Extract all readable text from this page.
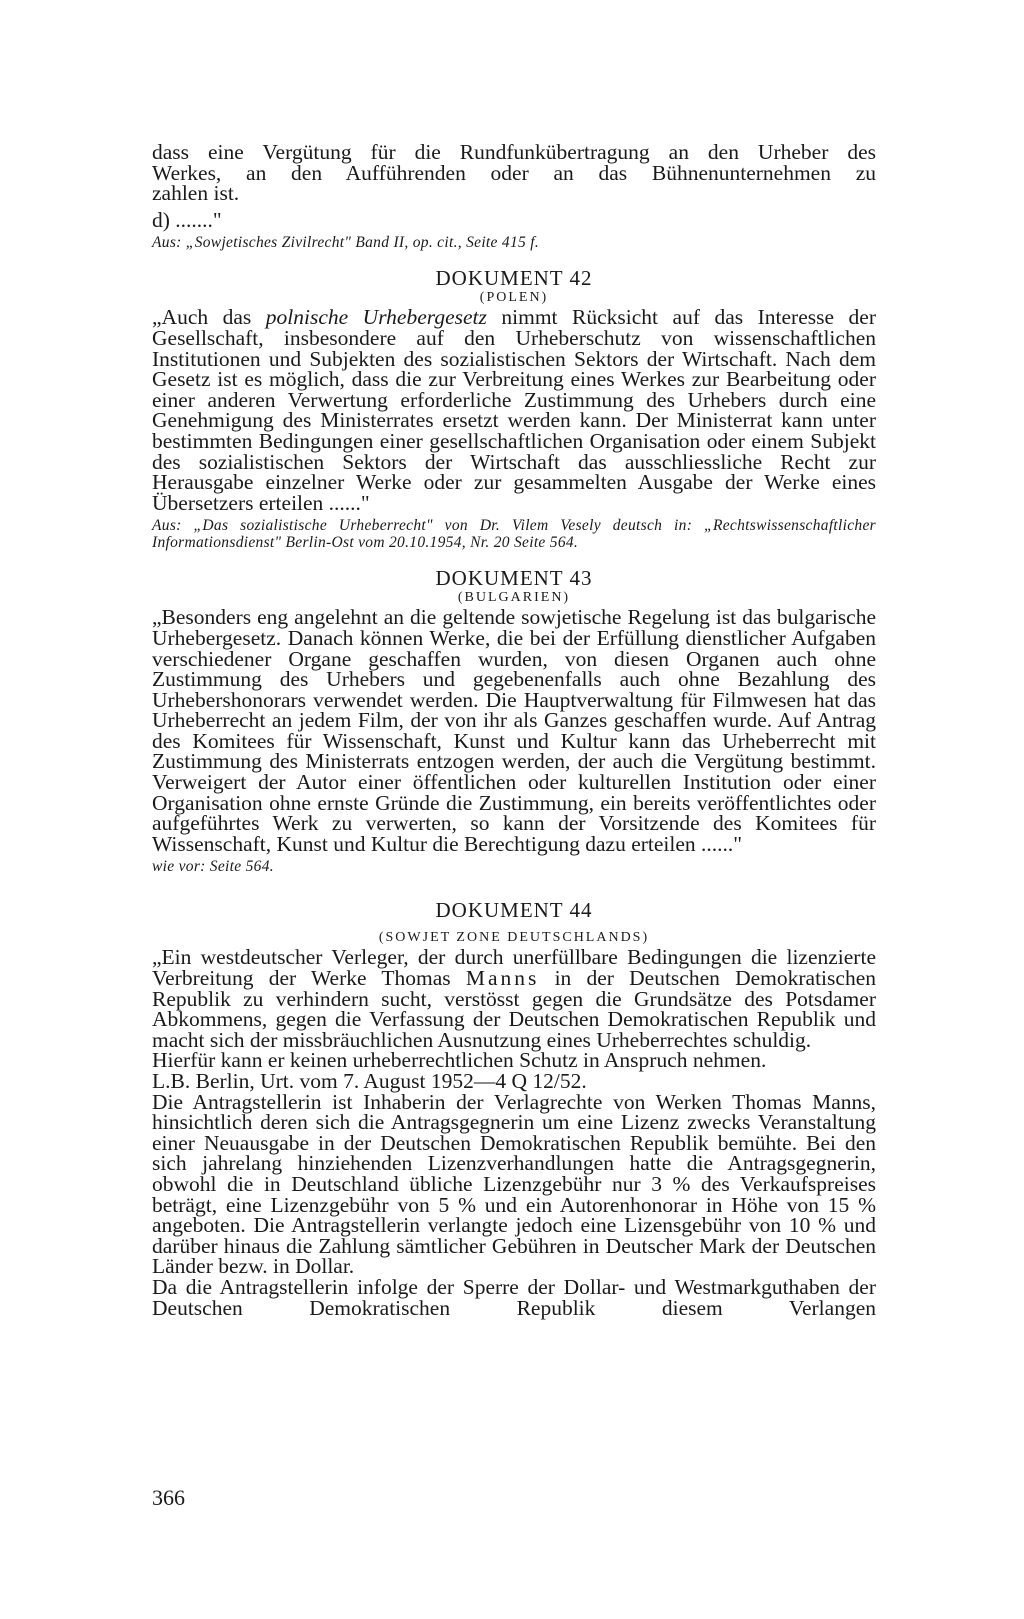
dass eine Vergütung für die Rundfunkübertragung an den Urheber des

Werkes, an den Aufführenden oder an das Bühnenunternehmen zu

zahlen ist.

d) ......."

Aus: „Sowjetisches Zivilrecht" Band II, op. cit., Seite 415 f.

DOKUMENT 42

(POLEN)

„Auch das polnische Urhebergesetz nimmt Rücksicht auf das Interesse der Gesellschaft, insbesondere auf den Urheberschutz von wissenschaftlichen Institutionen und Subjekten des sozialistischen Sektors der Wirtschaft. Nach dem Gesetz ist es möglich, dass die zur Verbreitung eines Werkes zur Bearbeitung oder einer anderen Verwertung erforderliche Zustimmung des Urhebers durch eine Genehmigung des Ministerrates ersetzt werden kann. Der Ministerrat kann unter bestimmten Bedingungen einer gesellschaftlichen Organisation oder einem Subjekt des sozialistischen Sektors der Wirtschaft das ausschliessliche Recht zur Herausgabe einzelner Werke oder zur gesammelten Ausgabe der Werke eines Übersetzers erteilen ......"

Aus: „Das sozialistische Urheberrecht" von Dr. Vilem Vesely deutsch in: „Rechtswissenschaftlicher Informationsdienst" Berlin-Ost vom 20.10.1954, Nr. 20 Seite 564.

DOKUMENT 43

(BULGARIEN)

„Besonders eng angelehnt an die geltende sowjetische Regelung ist das bulgarische Urhebergesetz. Danach können Werke, die bei der Erfüllung dienstlicher Aufgaben verschiedener Organe geschaffen wurden, von diesen Organen auch ohne Zustimmung des Urhebers und gegebenenfalls auch ohne Bezahlung des Urhebershonorars verwendet werden. Die Hauptverwaltung für Filmwesen hat das Urheberrecht an jedem Film, der von ihr als Ganzes geschaffen wurde. Auf Antrag des Komitees für Wissenschaft, Kunst und Kultur kann das Urheberrecht mit Zustimmung des Ministerrats entzogen werden, der auch die Vergütung bestimmt. Verweigert der Autor einer öffentlichen oder kulturellen Institution oder einer Organisation ohne ernste Gründe die Zustimmung, ein bereits veröffentlichtes oder aufgeführtes Werk zu verwerten, so kann der Vorsitzende des Komitees für Wissenschaft, Kunst und Kultur die Berechtigung dazu erteilen ......"

wie vor: Seite 564.

DOKUMENT 44

(SOWJET ZONE DEUTSCHLANDS)

„Ein westdeutscher Verleger, der durch unerfüllbare Bedingungen die lizenzierte Verbreitung der Werke Thomas Manns in der Deutschen Demokratischen Republik zu verhindern sucht, verstösst gegen die Grundsätze des Potsdamer Abkommens, gegen die Verfassung der Deutschen Demokratischen Republik und macht sich der missbräuchlichen Ausnutzung eines Urheberrechtes schuldig.

Hierfür kann er keinen urheberrechtlichen Schutz in Anspruch nehmen.

L.B. Berlin, Urt. vom 7. August 1952—4 Q 12/52.

Die Antragstellerin ist Inhaberin der Verlagrechte von Werken Thomas Manns, hinsichtlich deren sich die Antragsgegnerin um eine Lizenz zwecks Veranstaltung einer Neuausgabe in der Deutschen Demokratischen Republik bemühte. Bei den sich jahrelang hinziehenden Lizenzverhandlungen hatte die Antragsgegnerin, obwohl die in Deutschland übliche Lizenzgebühr nur 3 % des Verkaufspreises beträgt, eine Lizenzgebühr von 5 % und ein Autorenhonorar in Höhe von 15 % angeboten. Die Antragstellerin verlangte jedoch eine Lizensgebühr von 10 % und darüber hinaus die Zahlung sämtlicher Gebühren in Deutscher Mark der Deutschen Länder bezw. in Dollar.

Da die Antragstellerin infolge der Sperre der Dollar- und Westmarkguthaben der Deutschen Demokratischen Republik diesem Verlangen

366
